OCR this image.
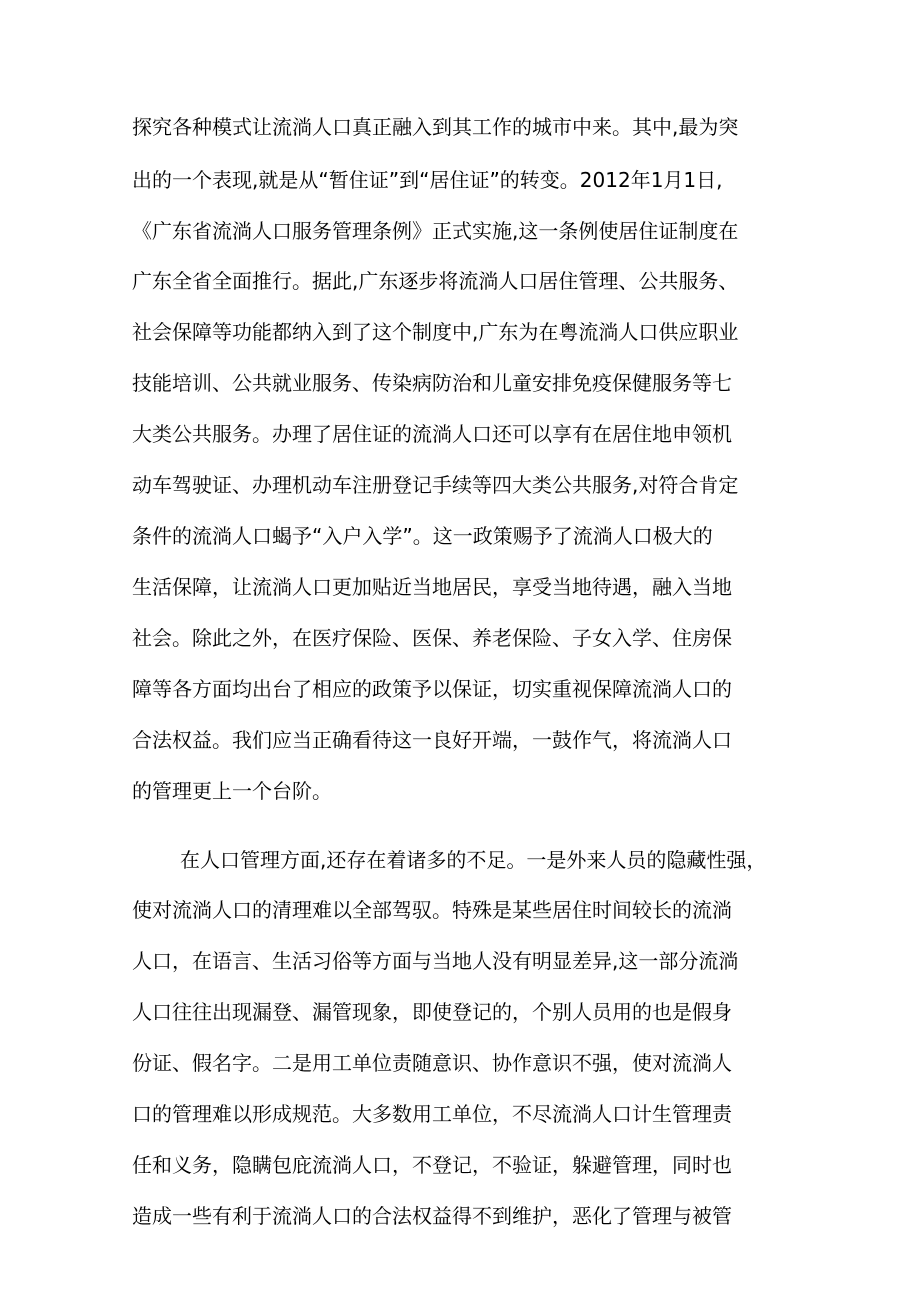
探究各种模式让流淌人口真正融入到其工作的城市中来。其中,最为突
出的一个表现,就是从“暂住证”到“居住证”的转变。2012年1月1日,
《广东省流淌人口服务管理条例》正式实施,这一条例使居住证制度在
广东全省全面推行。据此,广东逐步将流淌人口居住管理、公共服务、
社会保障等功能都纳入到了这个制度中,广东为在粤流淌人口供应职业
技能培训、公共就业服务、传染病防治和儿童安排免疫保健服务等七
大类公共服务。办理了居住证的流淌人口还可以享有在居住地申领机
动车驾驶证、办理机动车注册登记手续等四大类公共服务,对符合肯定
条件的流淌人口蝎予“入户入学”。这一政策赐予了流淌人口极大的
生活保障，让流淌人口更加贴近当地居民，享受当地待遇，融入当地
社会。除此之外，在医疗保险、医保、养老保险、子女入学、住房保
障等各方面均出台了相应的政策予以保证，切实重视保障流淌人口的
合法权益。我们应当正确看待这一良好开端，一鼓作气，将流淌人口
的管理更上一个台阶。
在人口管理方面,还存在着诸多的不足。一是外来人员的隐藏性强，
使对流淌人口的清理难以全部驾驭。特殊是某些居住时间较长的流淌
人口，在语言、生活习俗等方面与当地人没有明显差异,这一部分流淌
人口往往出现漏登、漏管现象，即使登记的，个别人员用的也是假身
份证、假名字。二是用工单位责随意识、协作意识不强，使对流淌人
口的管理难以形成规范。大多数用工单位，不尽流淌人口计生管理责
任和义务，隐瞒包庇流淌人口，不登记，不验证，躲避管理，同时也
造成一些有利于流淌人口的合法权益得不到维护，恶化了管理与被管
